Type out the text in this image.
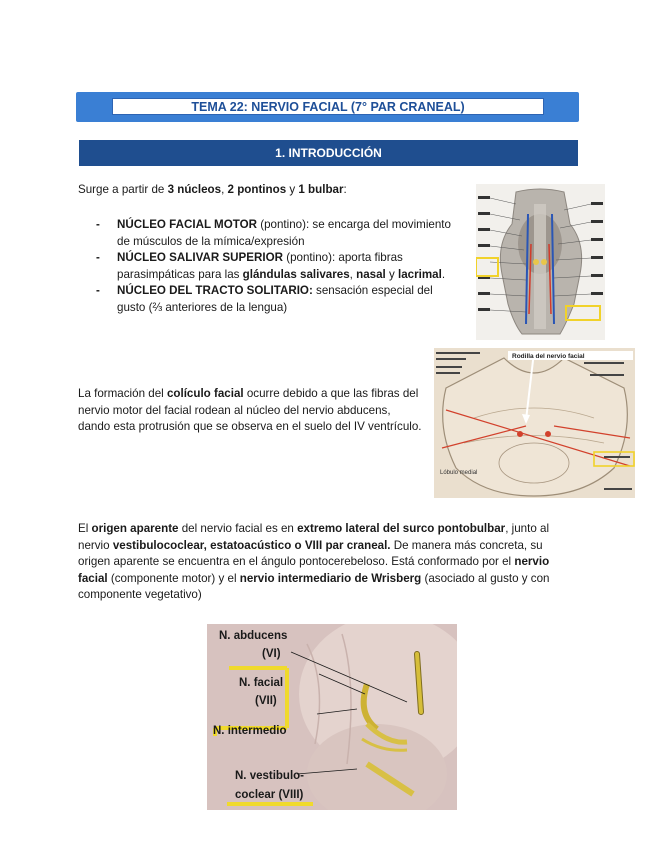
TEMA 22: NERVIO FACIAL (7° PAR CRANEAL)
1. INTRODUCCIÓN
Surge a partir de 3 núcleos, 2 pontinos y 1 bulbar:
- NÚCLEO FACIAL MOTOR (pontino): se encarga del movimiento de músculos de la mímica/expresión
- NÚCLEO SALIVAR SUPERIOR (pontino): aporta fibras parasimpáticas para las glándulas salivares, nasal y lacrimal.
- NÚCLEO DEL TRACTO SOLITARIO: sensación especial del gusto (⅔ anteriores de la lengua)
La formación del colículo facial ocurre debido a que las fibras del nervio motor del facial rodean al núcleo del nervio abducens, dando esta protrusión que se observa en el suelo del IV ventrículo.
El origen aparente del nervio facial es en extremo lateral del surco pontobulbar, junto al nervio vestibulococlear, estatoacústico o VIII par craneal. De manera más concreta, su origen aparente se encuentra en el ángulo pontocerebeloso. Está conformado por el nervio facial (componente motor) y el nervio intermediario de Wrisberg (asociado al gusto y con componente vegetativo)
Rodilla del nervio facial
Lóbulo medial
N. abducens
(VI)
N. facial
(VII)
N. intermedio
N. vestibulo-
coclear (VIII)
